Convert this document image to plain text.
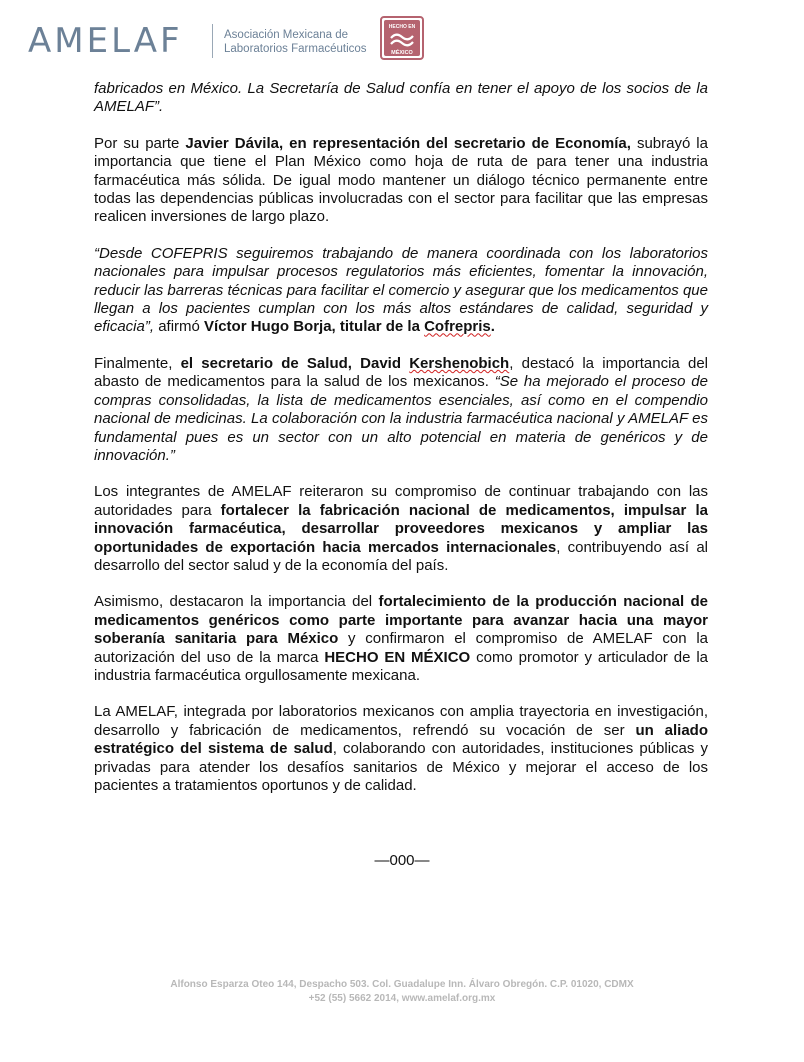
AMELAF	Asociación Mexicana de
Laboratorios Farmacéuticos
HECHO EN
MÉXICO

fabricados en México. La Secretaría de Salud confía en tener el apoyo de los socios de la AMELAF”.

Por su parte Javier Dávila, en representación del secretario de Economía, subrayó la importancia que tiene el Plan México como hoja de ruta de para tener una industria farmacéutica más sólida. De igual modo mantener un diálogo técnico permanente entre todas las dependencias públicas involucradas con el sector para facilitar que las empresas realicen inversiones de largo plazo.

“Desde COFEPRIS seguiremos trabajando de manera coordinada con los laboratorios nacionales para impulsar procesos regulatorios más eficientes, fomentar la innovación, reducir las barreras técnicas para facilitar el comercio y asegurar que los medicamentos que llegan a los pacientes cumplan con los más altos estándares de calidad, seguridad y eficacia”, afirmó Víctor Hugo Borja, titular de la Cofrepris.

Finalmente, el secretario de Salud, David Kershenobich, destacó la importancia del abasto de medicamentos para la salud de los mexicanos. “Se ha mejorado el proceso de compras consolidadas, la lista de medicamentos esenciales, así como en el compendio nacional de medicinas. La colaboración con la industria farmacéutica nacional y AMELAF es fundamental pues es un sector con un alto potencial en materia de genéricos y de innovación.”

Los integrantes de AMELAF reiteraron su compromiso de continuar trabajando con las autoridades para fortalecer la fabricación nacional de medicamentos, impulsar la innovación farmacéutica, desarrollar proveedores mexicanos y ampliar las oportunidades de exportación hacia mercados internacionales, contribuyendo así al desarrollo del sector salud y de la economía del país.

Asimismo, destacaron la importancia del fortalecimiento de la producción nacional de medicamentos genéricos como parte importante para avanzar hacia una mayor soberanía sanitaria para México y confirmaron el compromiso de AMELAF con la autorización del uso de la marca HECHO EN MÉXICO como promotor y articulador de la industria farmacéutica orgullosamente mexicana.

La AMELAF, integrada por laboratorios mexicanos con amplia trayectoria en investigación, desarrollo y fabricación de medicamentos, refrendó su vocación de ser un aliado estratégico del sistema de salud, colaborando con autoridades, instituciones públicas y privadas para atender los desafíos sanitarios de México y mejorar el acceso de los pacientes a tratamientos oportunos y de calidad.

—000—
Alfonso Esparza Oteo 144, Despacho 503. Col. Guadalupe Inn. Álvaro Obregón. C.P. 01020, CDMX
+52 (55) 5662 2014, www.amelaf.org.mx
